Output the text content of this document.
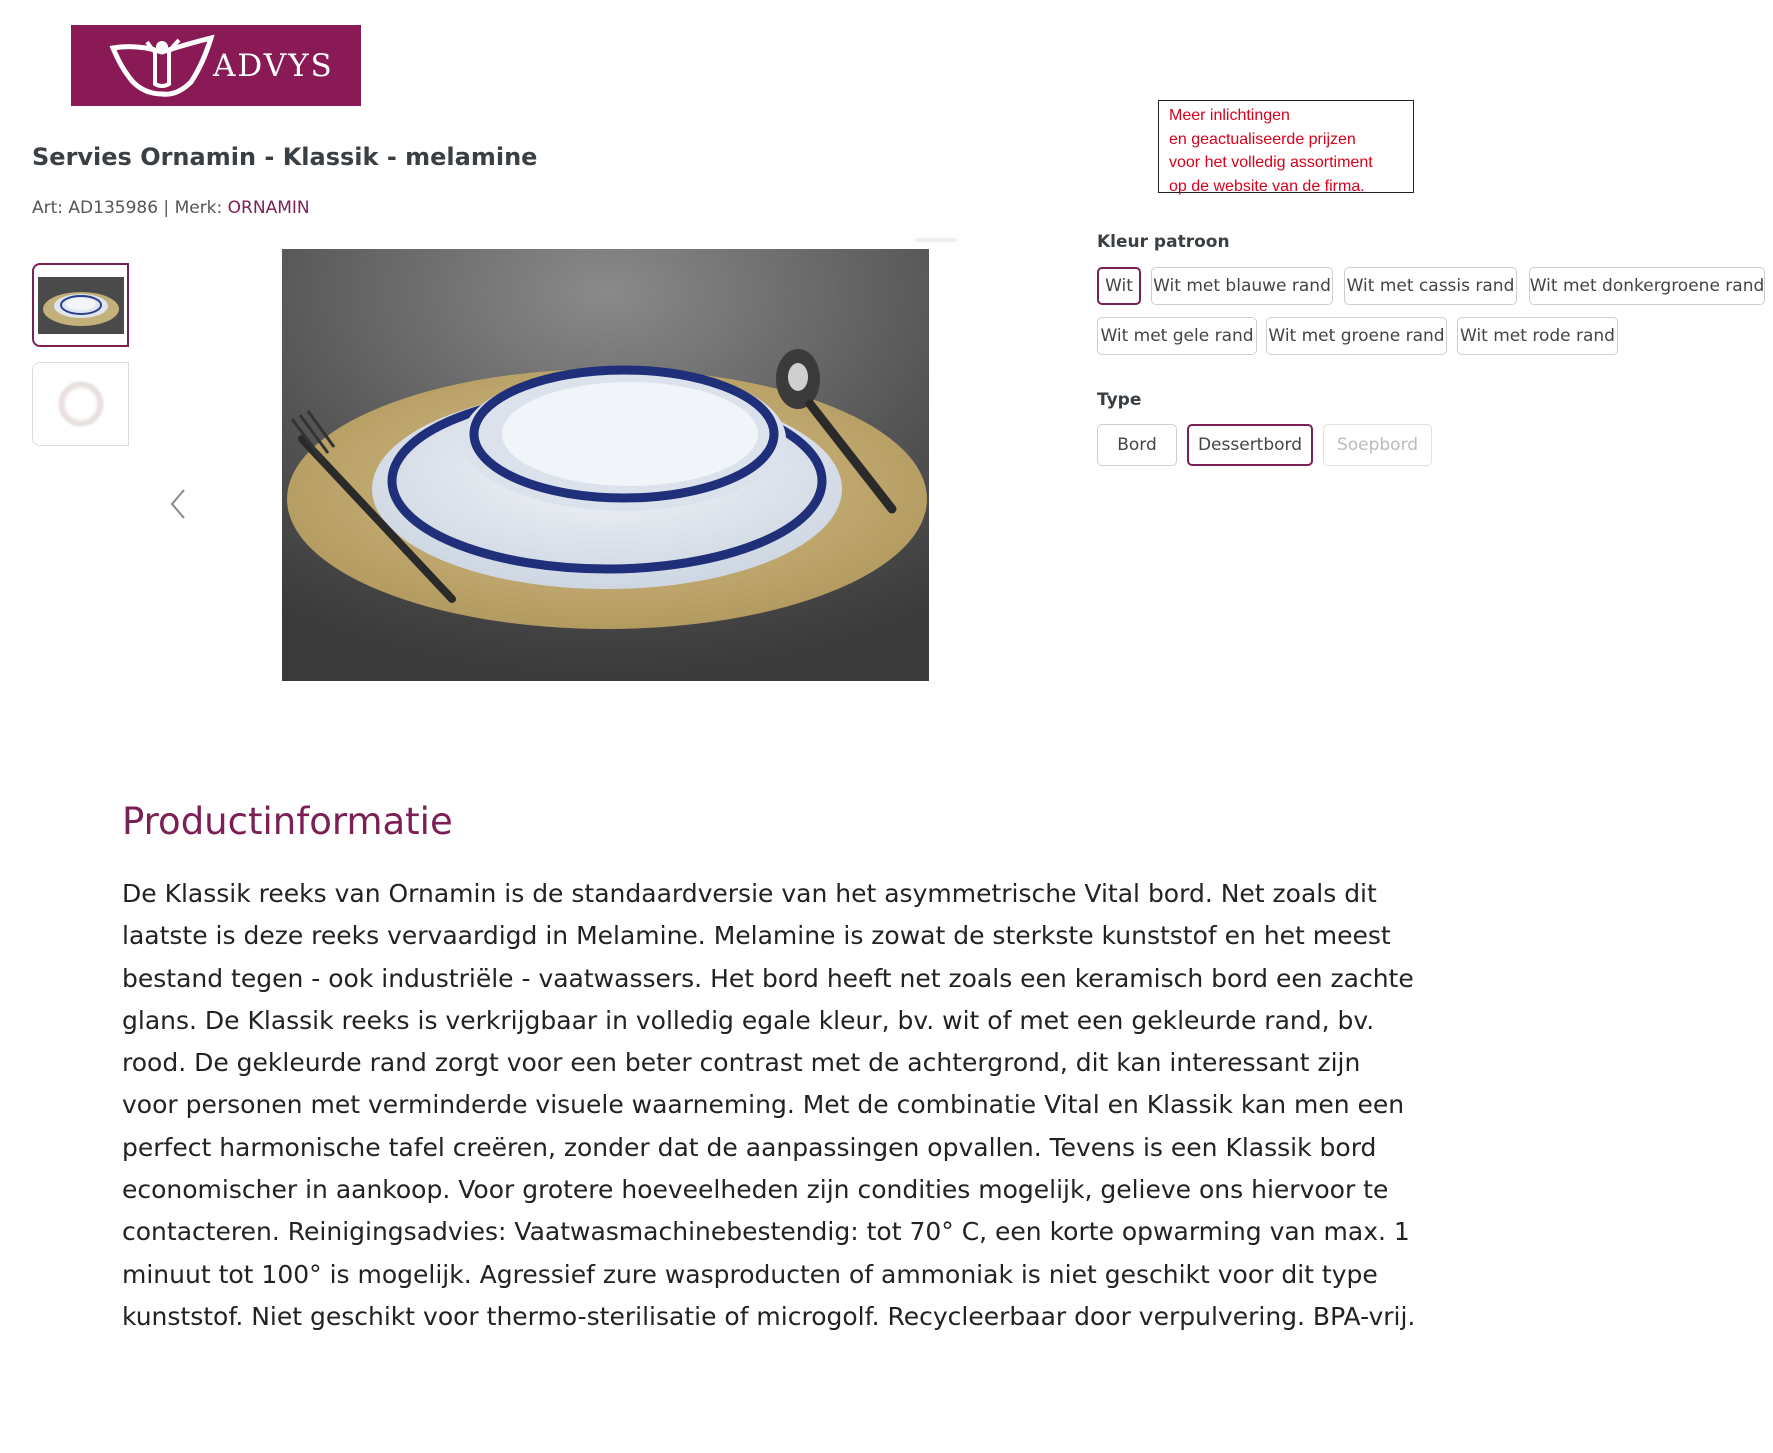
ADVYS
Servies Ornamin - Klassik - melamine
Art: AD135986 | Merk: ORNAMIN
Meer inlichtingen
en geactualiseerde prijzen
voor het volledig assortiment
op de website van de firma.
Kleur patroon
Wit	Wit met blauwe rand Wit met cassis rand Wit met donkergroene rand
Wit met gele rand Wit met groene rand Wit met rode rand
Type
Bord	Dessertbord	Soepbord
Productinformatie

De Klassik reeks van Ornamin is de standaardversie van het asymmetrische Vital bord. Net zoals dit laatste is deze reeks vervaardigd in Melamine. Melamine is zowat de sterkste kunststof en het meest bestand tegen - ook industriële - vaatwassers. Het bord heeft net zoals een keramisch bord een zachte glans. De Klassik reeks is verkrijgbaar in volledig egale kleur, bv. wit of met een gekleurde rand, bv. rood. De gekleurde rand zorgt voor een beter contrast met de achtergrond, dit kan interessant zijn voor personen met verminderde visuele waarneming. Met de combinatie Vital en Klassik kan men een perfect harmonische tafel creëren, zonder dat de aanpassingen opvallen. Tevens is een Klassik bord economischer in aankoop. Voor grotere hoeveelheden zijn condities mogelijk, gelieve ons hiervoor te contacteren. Reinigingsadvies: Vaatwasmachinebestendig: tot 70° C, een korte opwarming van max. 1 minuut tot 100° is mogelijk. Agressief zure wasproducten of ammoniak is niet geschikt voor dit type kunststof. Niet geschikt voor thermo-sterilisatie of microgolf. Recycleerbaar door verpulvering. BPA-vrij.
